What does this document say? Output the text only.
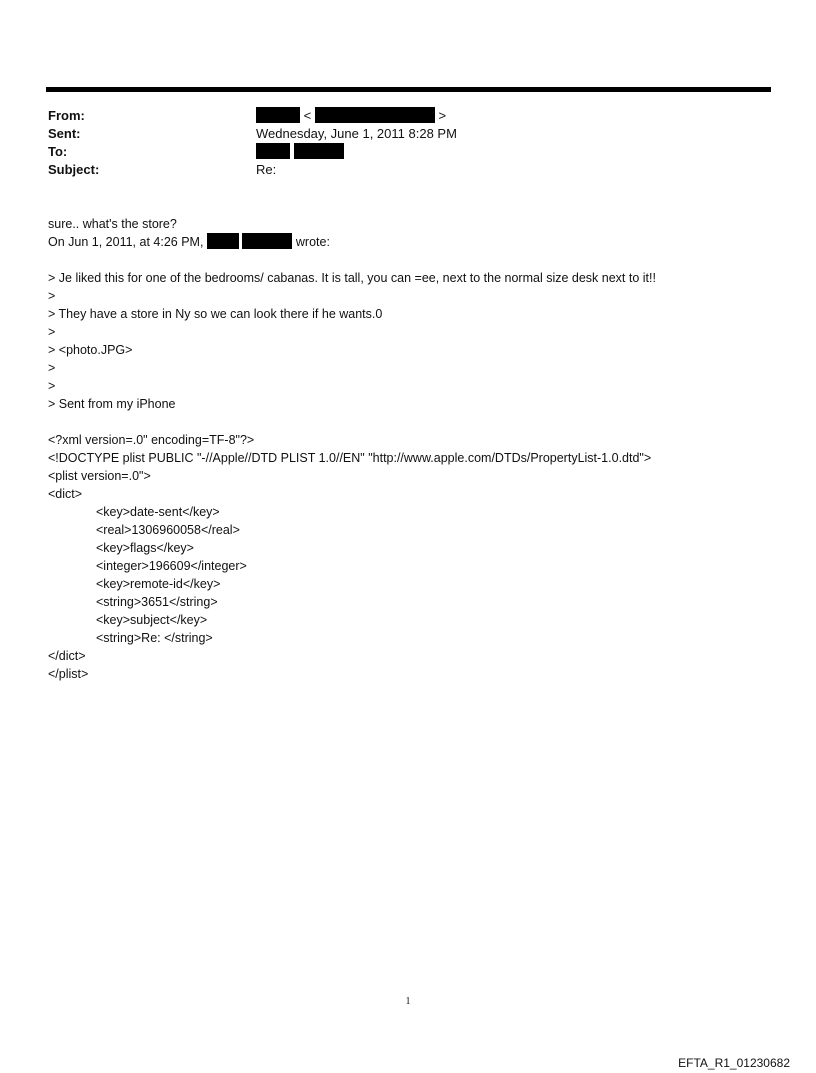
From:	<	>
Sent:	Wednesday, June 1, 2011 8:28 PM
To:

Subject:	Re:
sure.. what's the store?
On Jun 1, 2011, at 4:26 PM,	wrote:
> Je liked this for one of the bedrooms/ cabanas. It is tall, you can =ee, next to the normal size desk next to it!!
>
> They have a store in Ny so we can look there if he wants.0
>
> <photo.JPG>
>
>
> Sent from my iPhone
<?xml version=.0" encoding=TF-8"?>
<!DOCTYPE plist PUBLIC "-//Apple//DTD PLIST 1.0//EN" "http://www.apple.com/DTDs/PropertyList-1.0.dtd">
<plist version=.0">
<dict>
<key>date-sent</key>
<real>1306960058</real>
<key>flags</key>
<integer>196609</integer>
<key>remote-id</key>
<string>3651</string>
<key>subject</key>
<string>Re: </string>
</dict>
</plist>
1
EFTA_R1_01230682
